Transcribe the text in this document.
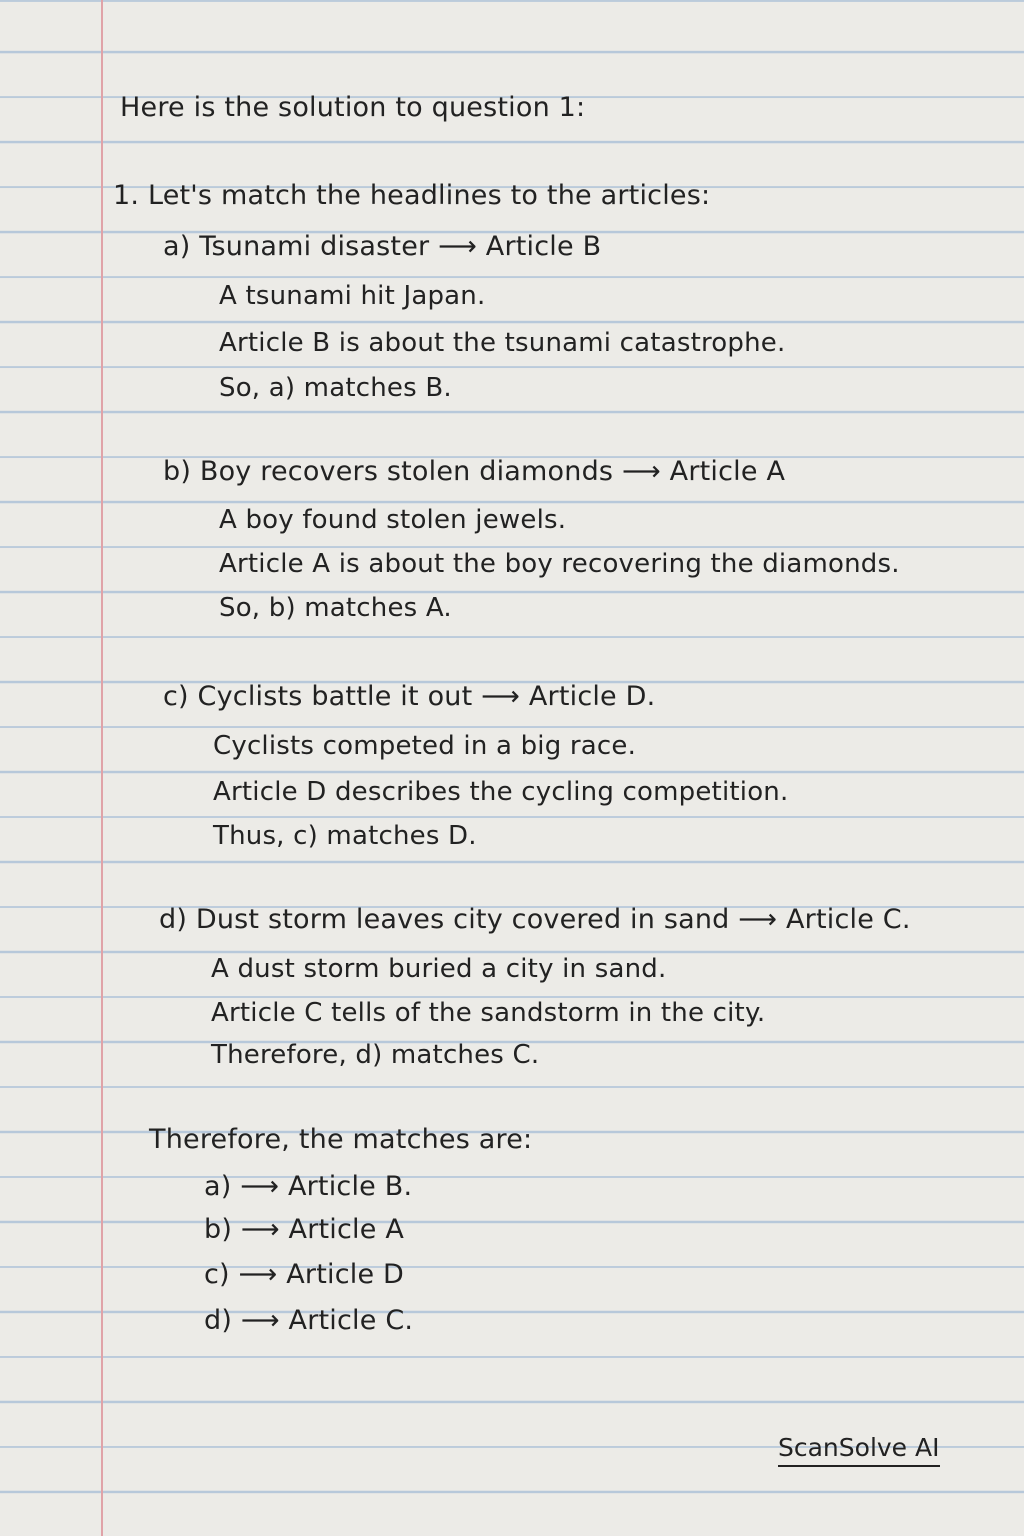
Here is the solution to question 1:
1. Let's match the headlines to the articles:
a) Tsunami disaster ⟶ Article B
A tsunami hit Japan.
Article B is about the tsunami catastrophe.
So, a) matches B.
b) Boy recovers stolen diamonds ⟶ Article A
A boy found stolen jewels.
Article A is about the boy recovering the diamonds.
So, b) matches A.
c) Cyclists battle it out ⟶ Article D.
Cyclists competed in a big race.
Article D describes the cycling competition.
Thus, c) matches D.
d) Dust storm leaves city covered in sand ⟶ Article C.
A dust storm buried a city in sand.
Article C tells of the sandstorm in the city.
Therefore, d) matches C.
Therefore, the matches are:
a) ⟶ Article B.
b) ⟶ Article A
c) ⟶ Article D
d) ⟶ Article C.
ScanSolve AI
